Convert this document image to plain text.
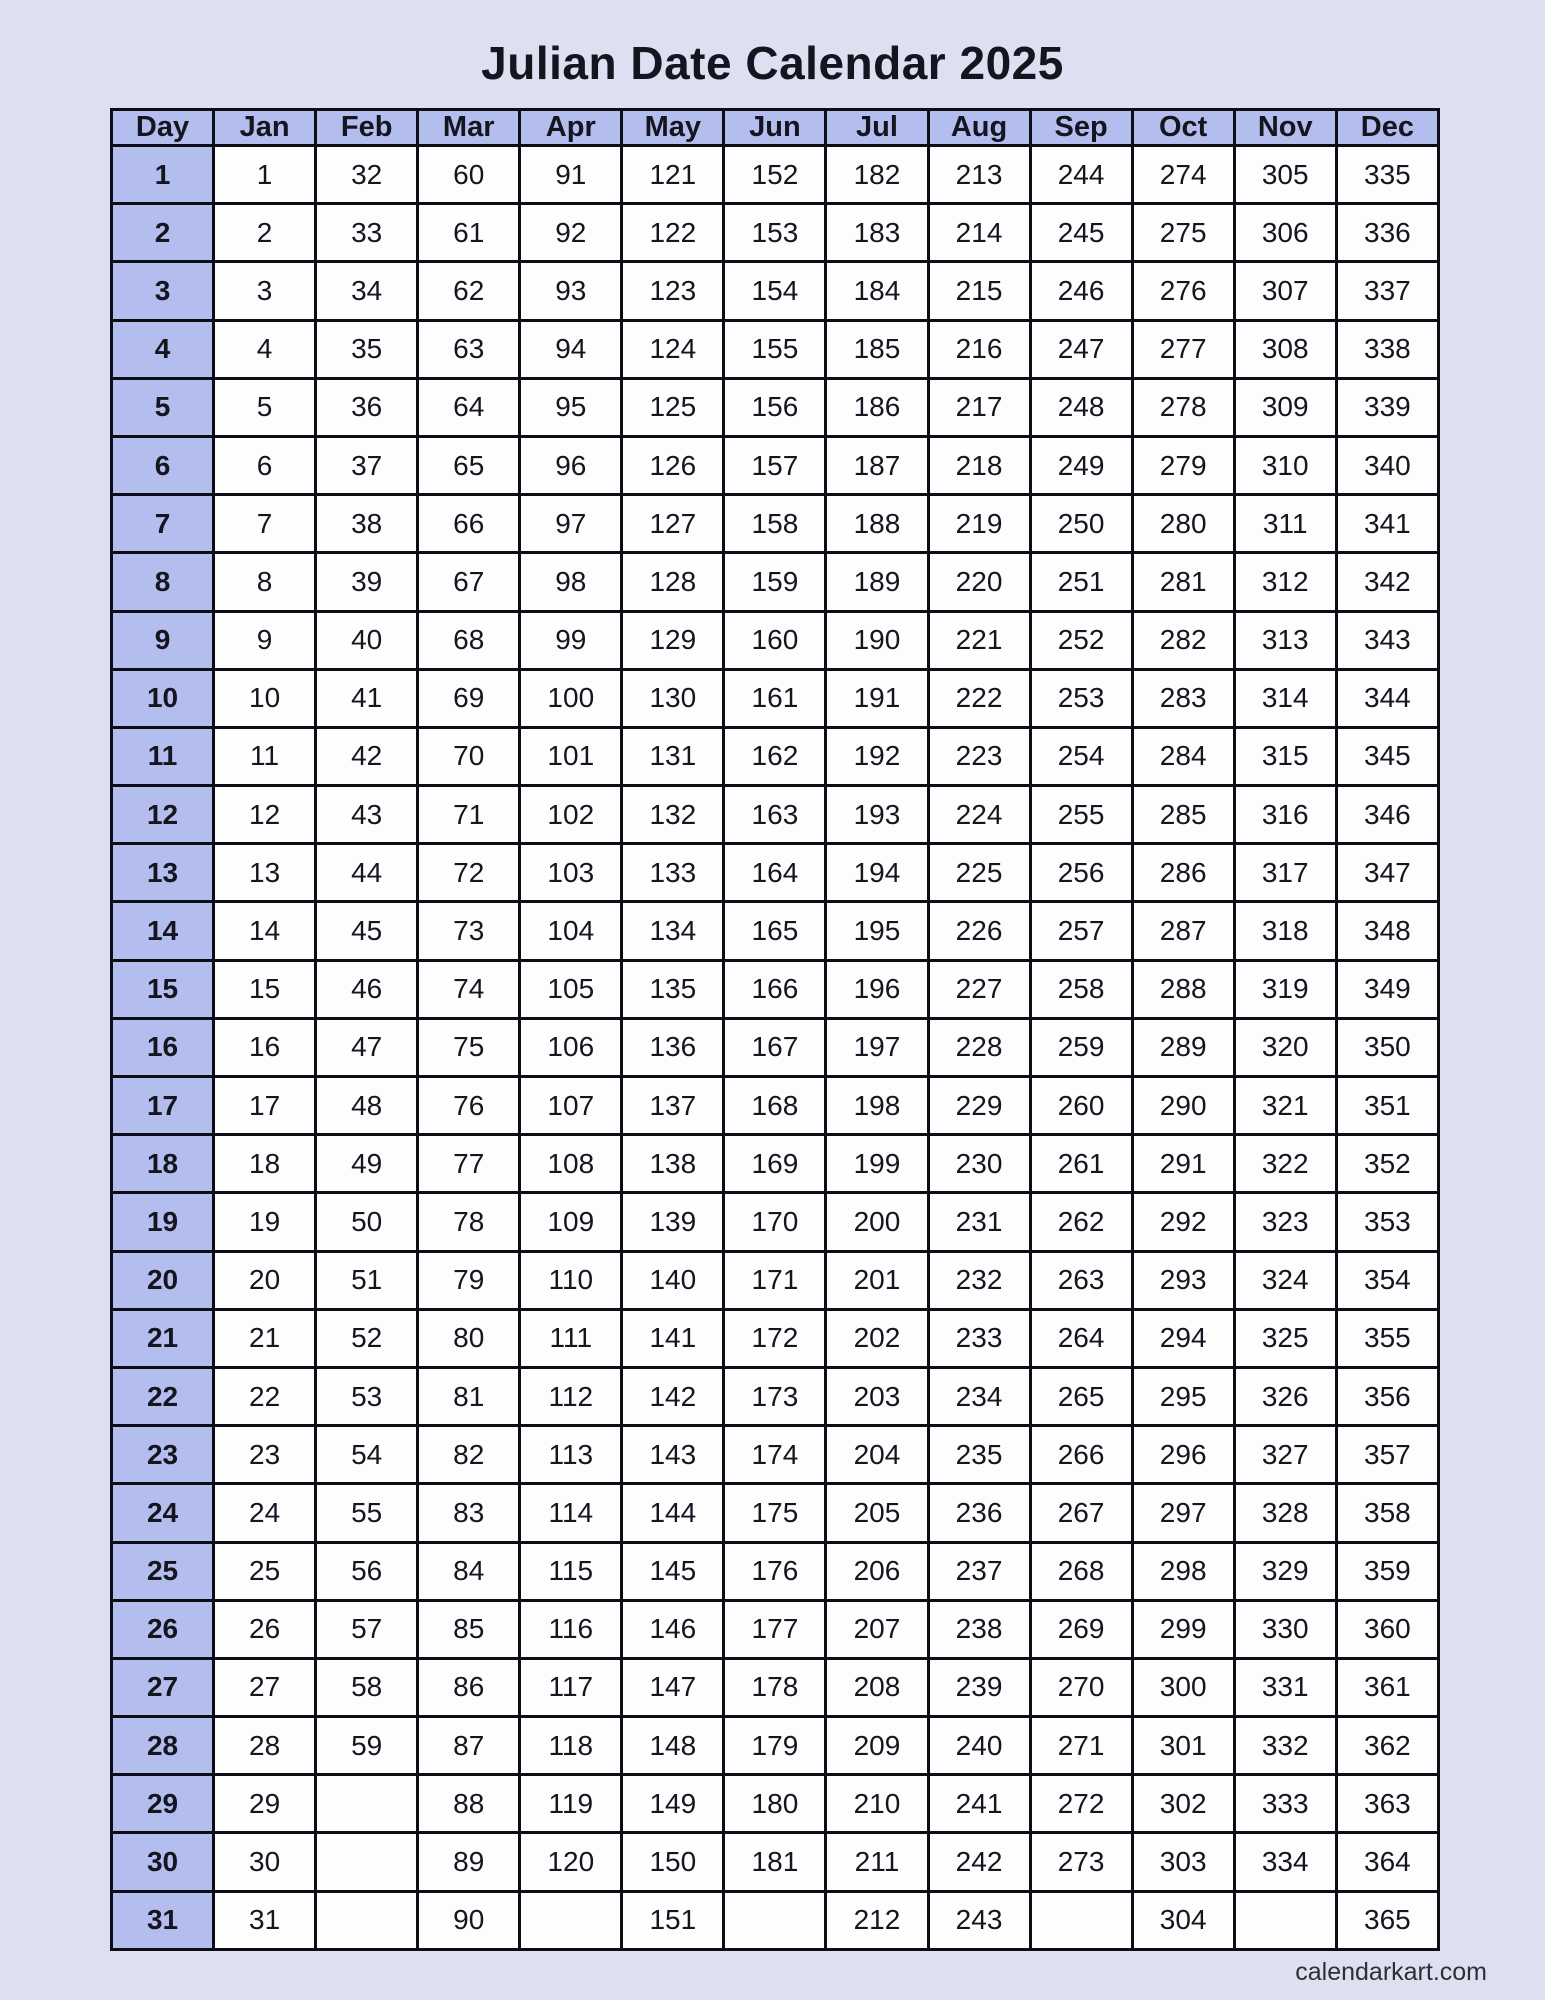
Julian Date Calendar 2025
Day	Jan	Feb	Mar	Apr	May	Jun	Jul	Aug	Sep	Oct	Nov	Dec
1	1	32	60	91	121	152	182	213	244	274	305	335
2	2	33	61	92	122	153	183	214	245	275	306	336
3	3	34	62	93	123	154	184	215	246	276	307	337
4	4	35	63	94	124	155	185	216	247	277	308	338
5	5	36	64	95	125	156	186	217	248	278	309	339
6	6	37	65	96	126	157	187	218	249	279	310	340
7	7	38	66	97	127	158	188	219	250	280	311	341
8	8	39	67	98	128	159	189	220	251	281	312	342
9	9	40	68	99	129	160	190	221	252	282	313	343
10	10	41	69	100	130	161	191	222	253	283	314	344
11	11	42	70	101	131	162	192	223	254	284	315	345
12	12	43	71	102	132	163	193	224	255	285	316	346
13	13	44	72	103	133	164	194	225	256	286	317	347
14	14	45	73	104	134	165	195	226	257	287	318	348
15	15	46	74	105	135	166	196	227	258	288	319	349
16	16	47	75	106	136	167	197	228	259	289	320	350
17	17	48	76	107	137	168	198	229	260	290	321	351
18	18	49	77	108	138	169	199	230	261	291	322	352
19	19	50	78	109	139	170	200	231	262	292	323	353
20	20	51	79	110	140	171	201	232	263	293	324	354
21	21	52	80	111	141	172	202	233	264	294	325	355
22	22	53	81	112	142	173	203	234	265	295	326	356
23	23	54	82	113	143	174	204	235	266	296	327	357
24	24	55	83	114	144	175	205	236	267	297	328	358
25	25	56	84	115	145	176	206	237	268	298	329	359
26	26	57	85	116	146	177	207	238	269	299	330	360
27	27	58	86	117	147	178	208	239	270	300	331	361
28	28	59	87	118	148	179	209	240	271	301	332	362
29	29		88	119	149	180	210	241	272	302	333	363
30	30		89	120	150	181	211	242	273	303	334	364
31	31		90		151		212	243		304		365
calendarkart.com
